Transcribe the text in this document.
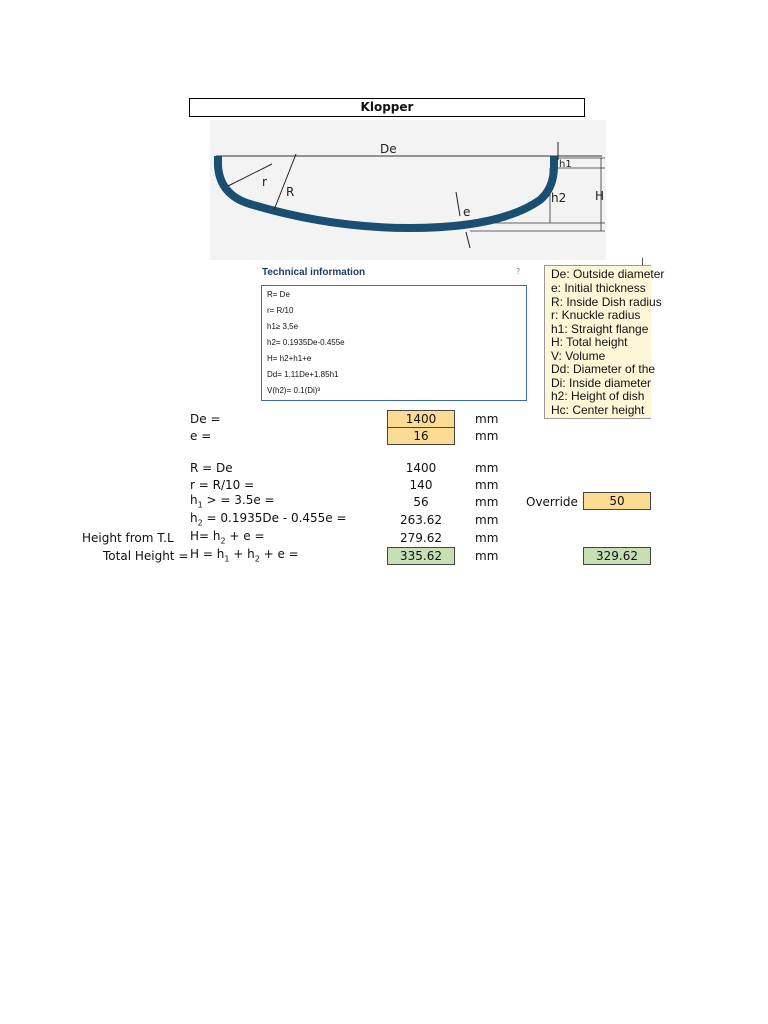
Klopper
De
r
R
e
h1
h2 H
Technical information	?
R= De
r= R/10
h1≥ 3,5e
h2= 0.1935De-0.455e
H= h2+h1+e
Dd= 1.11De+1.85h1
V(h2)= 0.1(Di)³
De: Outside diameter
e: Initial thickness
R: Inside Dish radius
r: Knuckle radius
h1: Straight flange
H: Total height
V: Volume
Dd: Diameter of the
Di: Inside diameter
h2: Height of dish
Hc: Center height
De =	1400	mm
e =	16	mm
R = De	1400	mm
r = R/10 =	140	mm
$h_1$ > = 3.5e =	56	mm Override	50
$h_2 = 0.1935De - 0.455e$ =	263.62	mm
Height from T.L $H= h_2 + e$ =	279.62	mm
Total Height = $H = h_1 + h_2 + e$ =	335.62	mm	329.62
